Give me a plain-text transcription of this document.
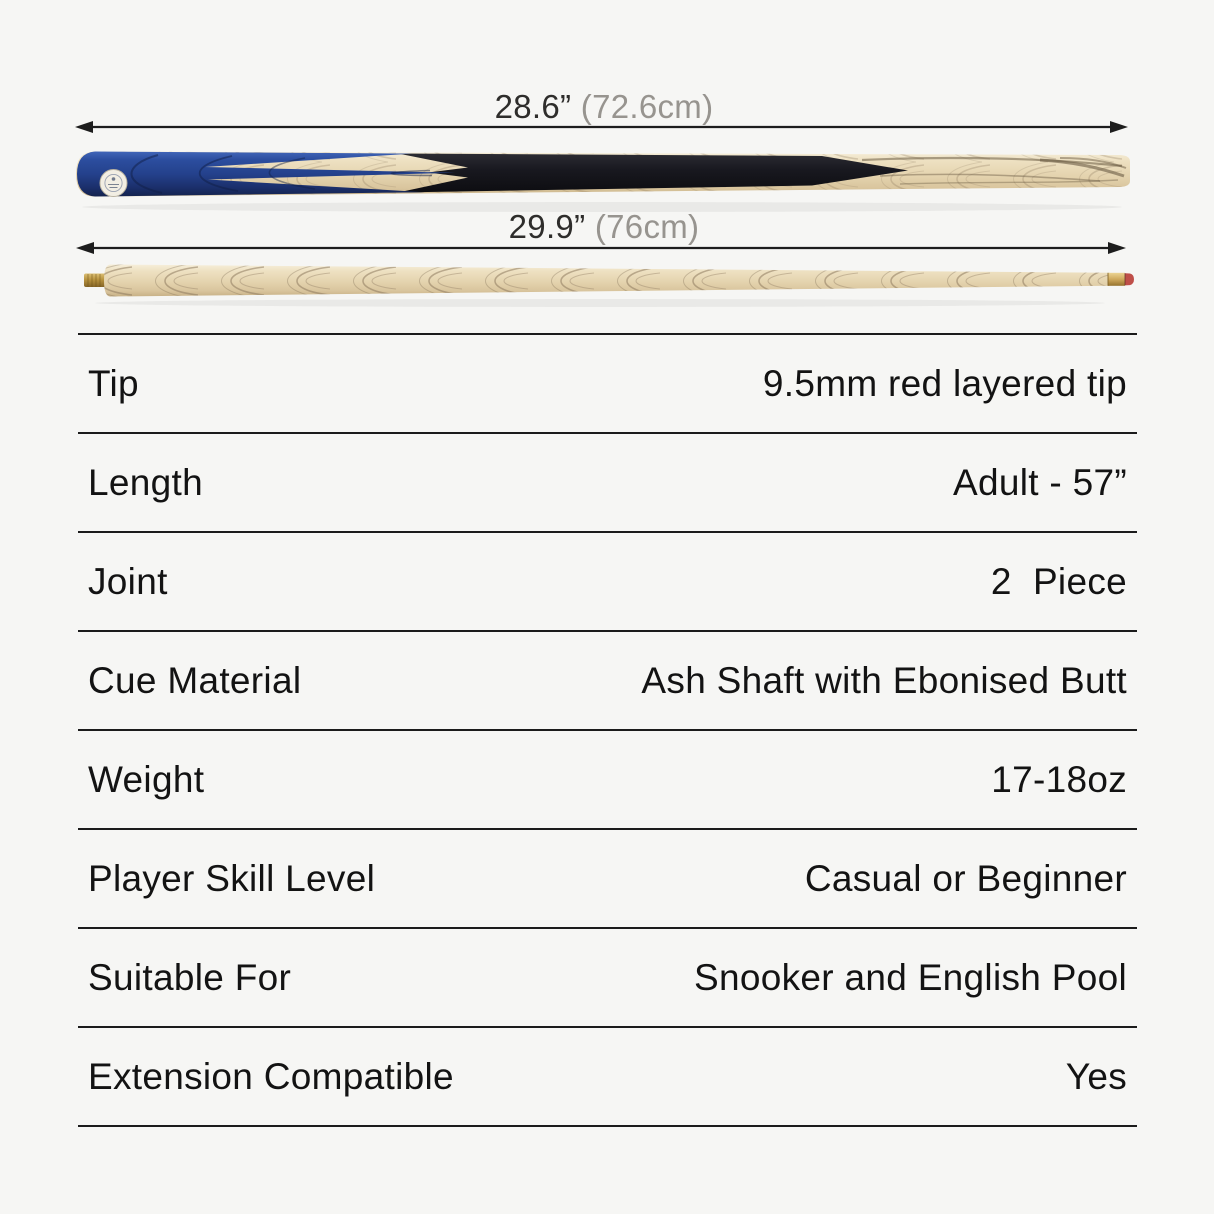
28.6” (72.6cm)
29.9” (76cm)
Tip	9.5mm red layered tip
Length	Adult - 57”
Joint	2  Piece
Cue Material	Ash Shaft with Ebonised Butt
Weight	17-18oz
Player Skill Level	Casual or Beginner
Suitable For	Snooker and English Pool
Extension Compatible	Yes
